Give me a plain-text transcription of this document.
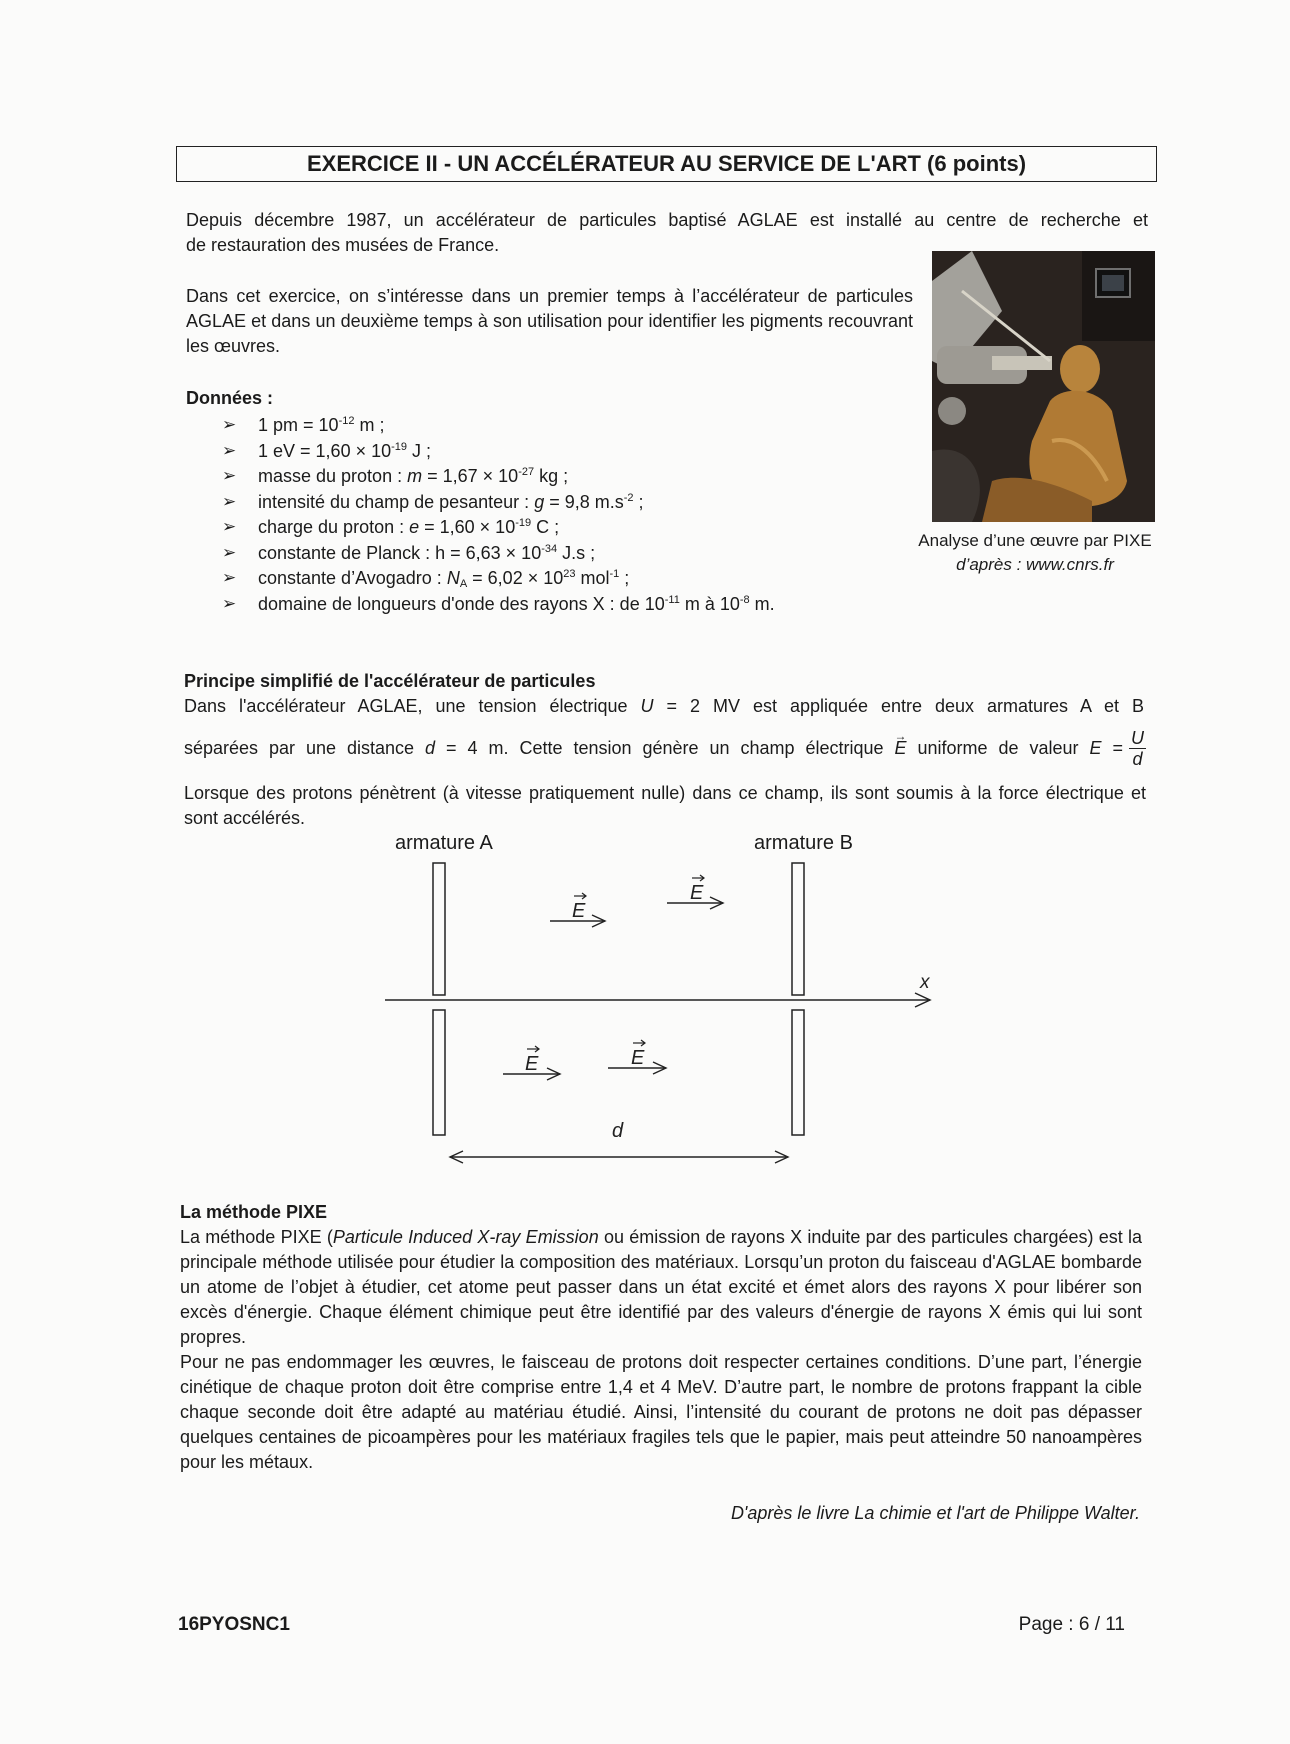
EXERCICE II - UN ACCÉLÉRATEUR AU SERVICE DE L'ART (6 points)
Depuis décembre 1987, un accélérateur de particules baptisé AGLAE est installé au centre de recherche et
de restauration des musées de France.
Dans cet exercice, on s’intéresse dans un premier temps à l’accélérateur de particules AGLAE et dans un deuxième temps à son utilisation pour identifier les pigments recouvrant les œuvres.
Analyse d’une œuvre par PIXE
d’après : www.cnrs.fr
Données :
➢ 1 pm = $10^{-12}$ m ;
➢ 1 eV = $1,60 \times 10^{-19}$ J ;
➢ masse du proton : $m = 1,67 \times 10^{-27}$ kg ;
➢ intensité du champ de pesanteur : g = 9,8 $m.s^{-2}$ ;
➢ charge du proton : $e = 1,60 \times 10^{-19}$ C ;
➢ constante de Planck : $h = 6,63 \times 10^{-34}$ J.s ;
➢ constante d’Avogadro : $N_A = 6,02 \times 10^{23}$ mol$^{-1}$ ;
➢ domaine de longueurs d'onde des rayons X : de $10^{-11}$ m à $10^{-8}$ m.
Principe simplifié de l'accélérateur de particules
Dans l'accélérateur AGLAE, une tension électrique U = 2 MV est appliquée entre deux armatures A et B
séparées par une distance d = 4 m. Cette tension génère un champ électrique → E uniforme de valeur $E = \frac{U}{d}$
Lorsque des protons pénètrent (à vitesse pratiquement nulle) dans ce champ, ils sont soumis à la force électrique et sont accélérés.
armature A	armature B
x
E
E
E	E
d
La méthode PIXE
La méthode PIXE (Particule Induced X-ray Emission ou émission de rayons X induite par des particules chargées) est la principale méthode utilisée pour étudier la composition des matériaux. Lorsqu’un proton du faisceau d'AGLAE bombarde un atome de l’objet à étudier, cet atome peut passer dans un état excité et émet alors des rayons X pour libérer son excès d'énergie. Chaque élément chimique peut être identifié par des valeurs d'énergie de rayons X émis qui lui sont propres.
Pour ne pas endommager les œuvres, le faisceau de protons doit respecter certaines conditions. D’une part, l’énergie cinétique de chaque proton doit être comprise entre 1,4 et 4 MeV. D’autre part, le nombre de protons frappant la cible chaque seconde doit être adapté au matériau étudié. Ainsi, l’intensité du courant de protons ne doit pas dépasser quelques centaines de picoampères pour les matériaux fragiles tels que le papier, mais peut atteindre 50 nanoampères pour les métaux.
D'après le livre La chimie et l'art de Philippe Walter.
16PYOSNC1	Page : 6 / 11
